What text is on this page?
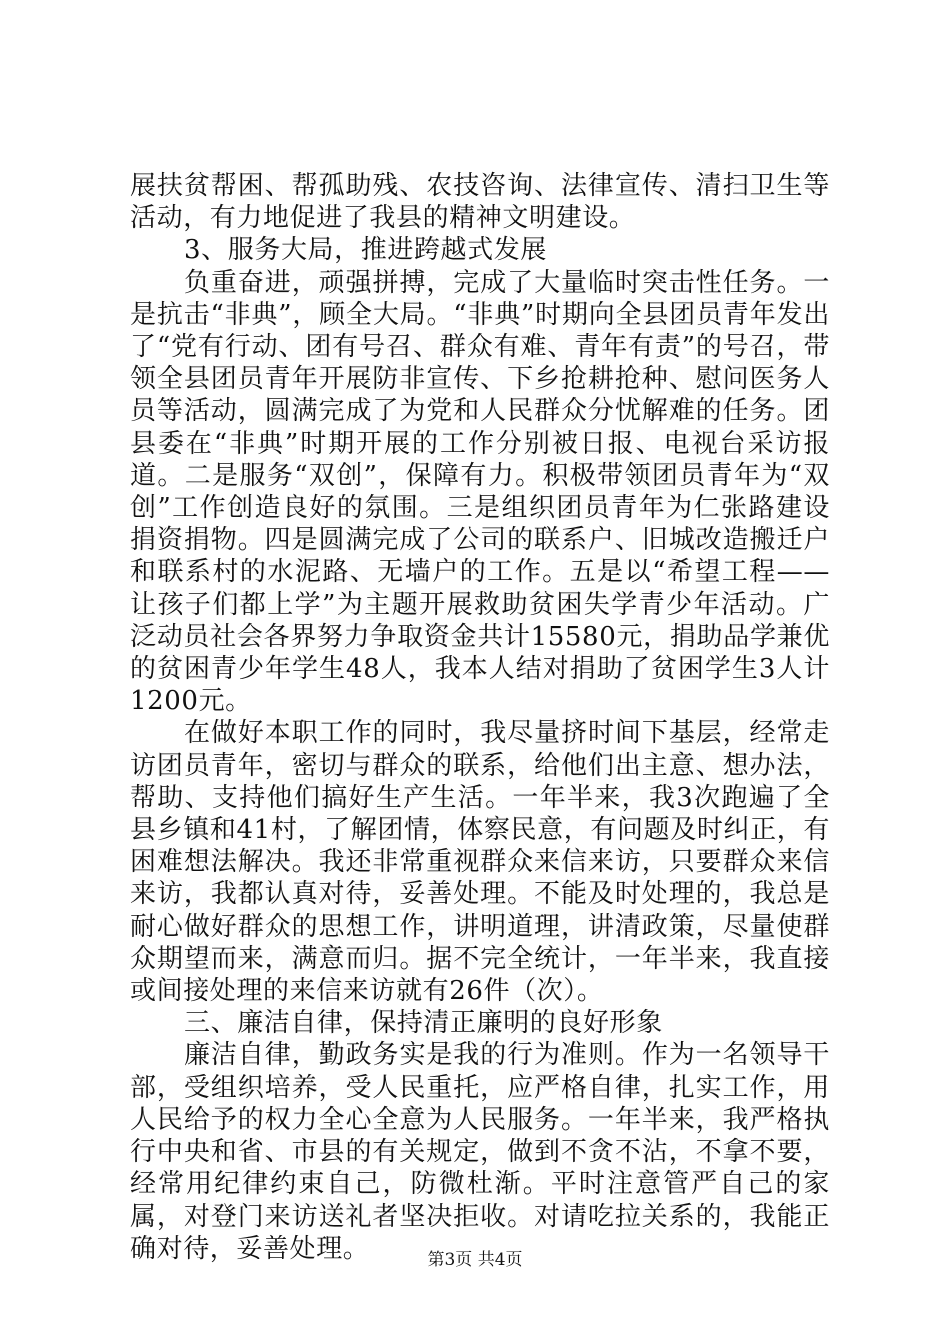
展扶贫帮困、帮孤助残、农技咨询、法律宣传、清扫卫生等活动，有力地促进了我县的精神文明建设。

3、服务大局，推进跨越式发展

负重奋进，顽强拼搏，完成了大量临时突击性任务。一是抗击“非典”，顾全大局。“非典”时期向全县团员青年发出了“党有行动、团有号召、群众有难、青年有责”的号召，带领全县团员青年开展防非宣传、下乡抢耕抢种、慰问医务人员等活动，圆满完成了为党和人民群众分忧解难的任务。团县委在“非典”时期开展的工作分别被日报、电视台采访报道。二是服务“双创”，保障有力。积极带领团员青年为“双创”工作创造良好的氛围。三是组织团员青年为仁张路建设捐资捐物。四是圆满完成了公司的联系户、旧城改造搬迁户和联系村的水泥路、无墙户的工作。五是以“希望工程——让孩子们都上学”为主题开展救助贫困失学青少年活动。广泛动员社会各界努力争取资金共计15580元，捐助品学兼优的贫困青少年学生48人，我本人结对捐助了贫困学生3人计1200元。

在做好本职工作的同时，我尽量挤时间下基层，经常走访团员青年，密切与群众的联系，给他们出主意、想办法，帮助、支持他们搞好生产生活。一年半来，我3次跑遍了全县乡镇和41村，了解团情，体察民意，有问题及时纠正，有困难想法解决。我还非常重视群众来信来访，只要群众来信来访，我都认真对待，妥善处理。不能及时处理的，我总是耐心做好群众的思想工作，讲明道理，讲清政策，尽量使群众期望而来，满意而归。据不完全统计，一年半来，我直接或间接处理的来信来访就有26件（次）。

三、廉洁自律，保持清正廉明的良好形象

廉洁自律，勤政务实是我的行为准则。作为一名领导干部，受组织培养，受人民重托，应严格自律，扎实工作，用人民给予的权力全心全意为人民服务。一年半来，我严格执行中央和省、市县的有关规定，做到不贪不沾，不拿不要，经常用纪律约束自己，防微杜渐。平时注意管严自己的家属，对登门来访送礼者坚决拒收。对请吃拉关系的，我能正确对待，妥善处理。	第3页 共4页
